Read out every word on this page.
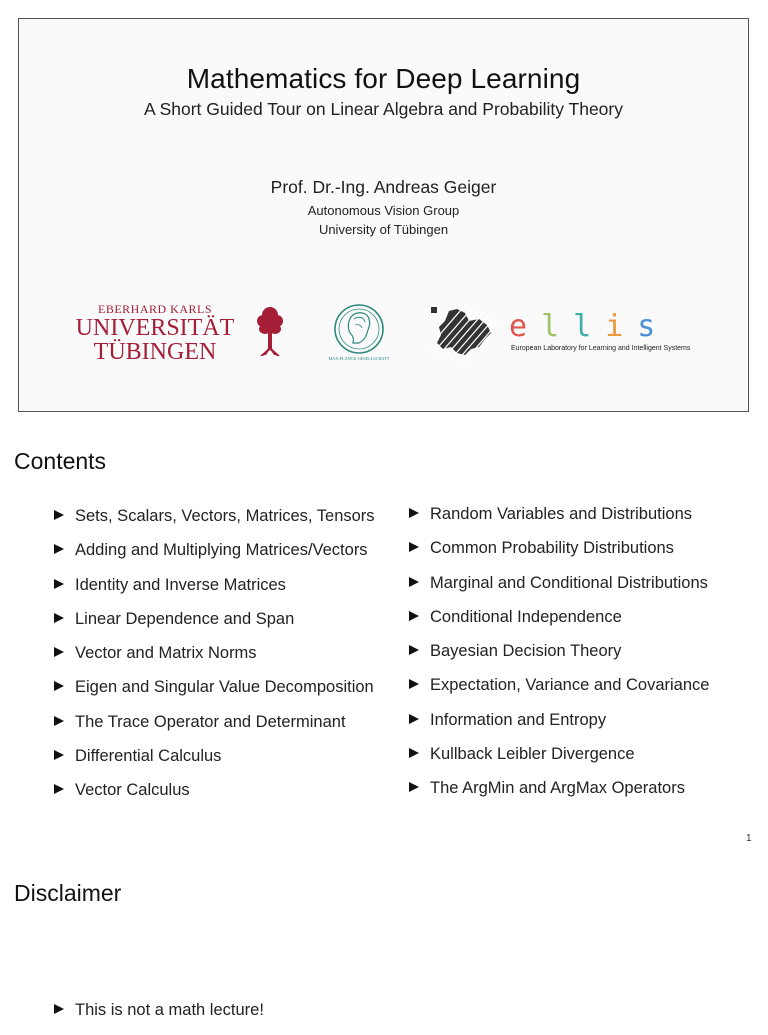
Mathematics for Deep Learning
A Short Guided Tour on Linear Algebra and Probability Theory
Prof. Dr.-Ing. Andreas Geiger
Autonomous Vision Group
University of Tübingen
EBERHARD KARLS
UNIVERSITÄT
TÜBINGEN	MAX-PLANCK-GESELLSCHAFT
ellis
European Laboratory for Learning and Intelligent Systems
Contents
Sets, Scalars, Vectors, Matrices, Tensors
Adding and Multiplying Matrices/Vectors
Identity and Inverse Matrices
Linear Dependence and Span
Vector and Matrix Norms
Eigen and Singular Value Decomposition
The Trace Operator and Determinant
Differential Calculus
Vector Calculus
Random Variables and Distributions
Common Probability Distributions
Marginal and Conditional Distributions
Conditional Independence
Bayesian Decision Theory
Expectation, Variance and Covariance
Information and Entropy
Kullback Leibler Divergence
The ArgMin and ArgMax Operators
1
Disclaimer
This is not a math lecture!
